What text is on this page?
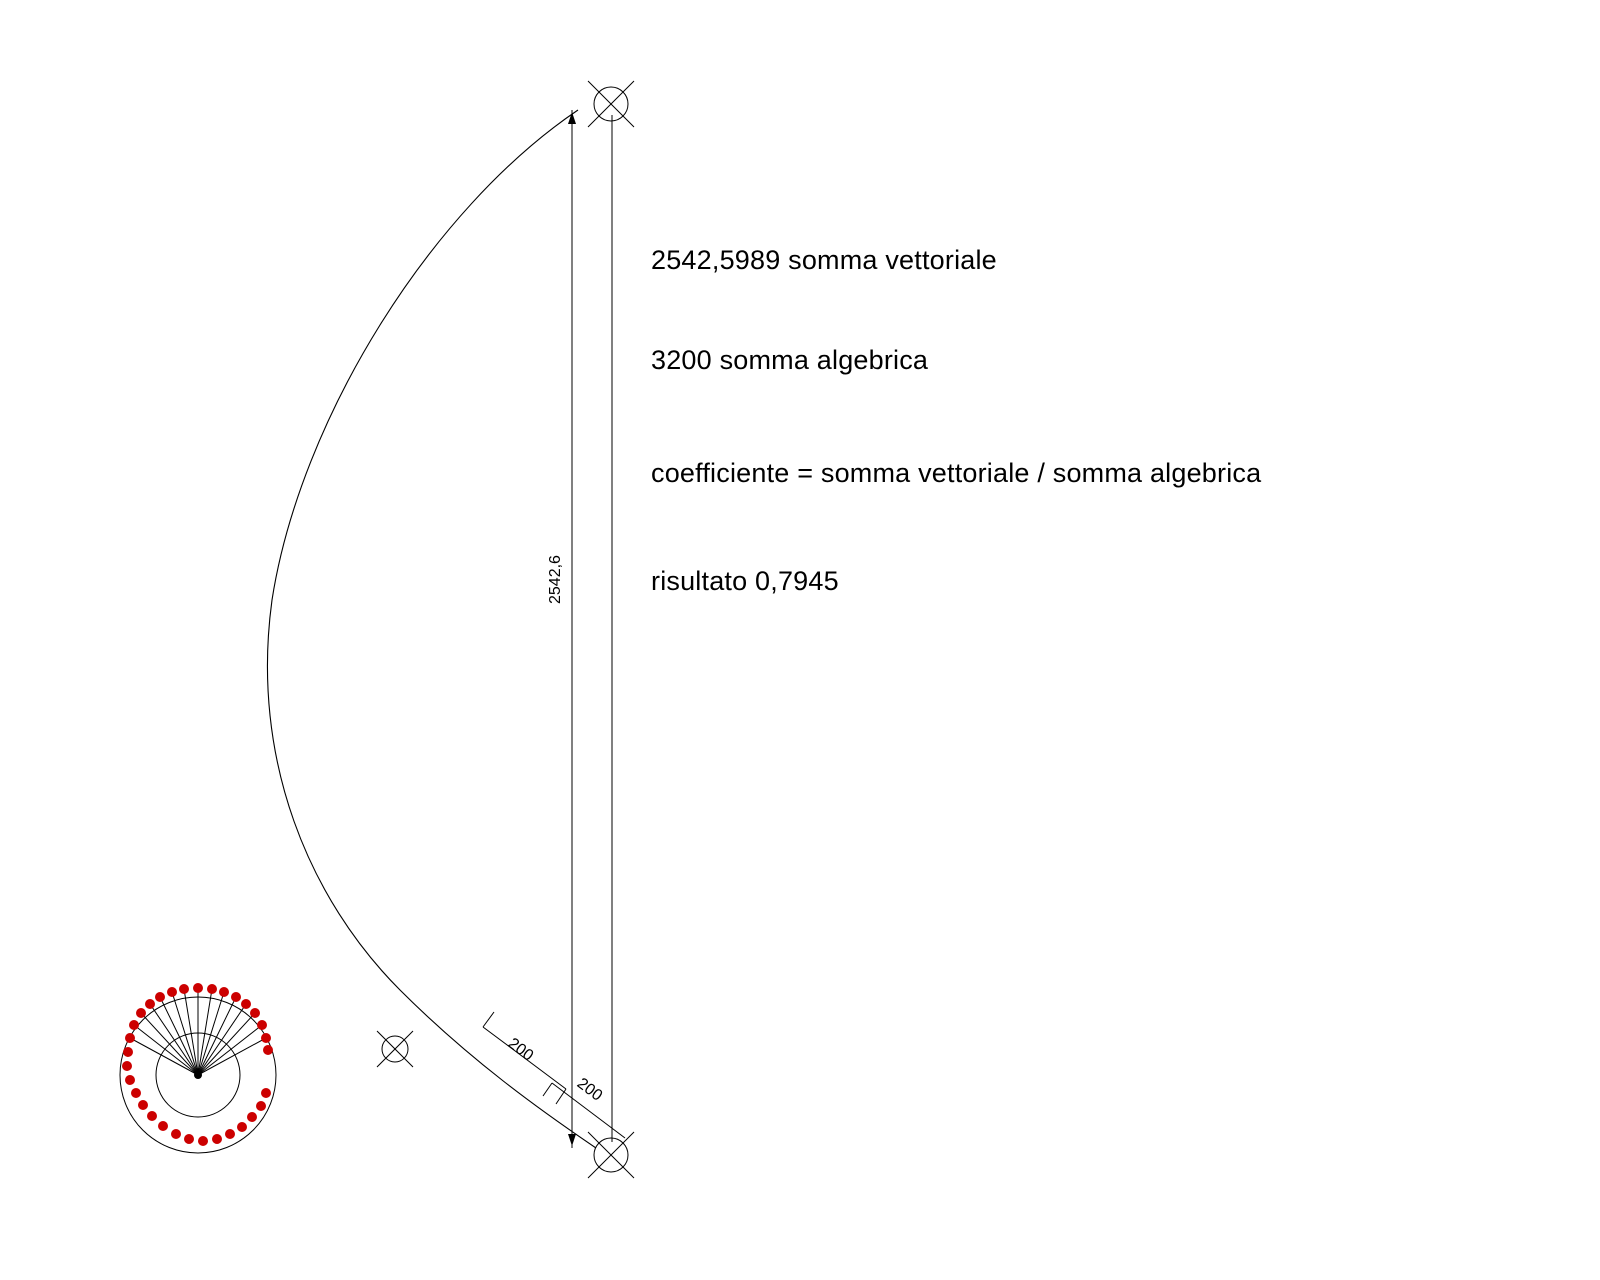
2542,5989 somma vettoriale
3200 somma algebrica
coefficiente = somma vettoriale / somma algebrica
risultato 0,7945
2542,6
200
200
